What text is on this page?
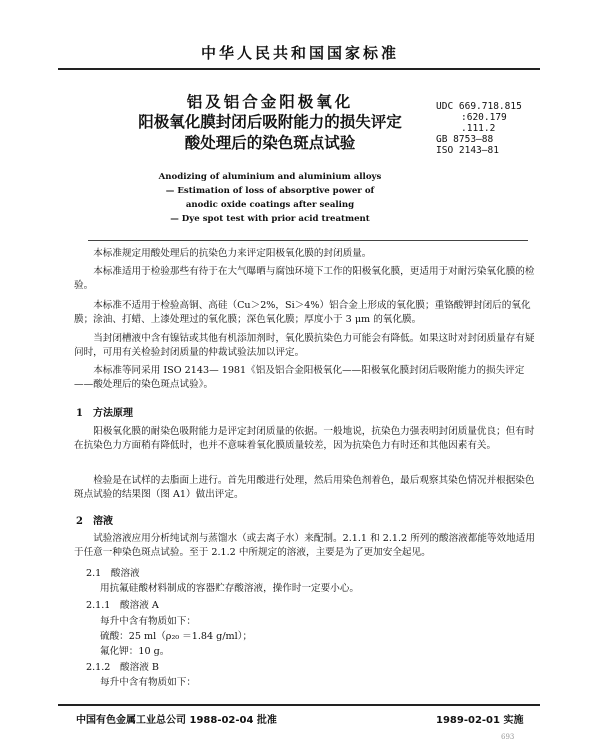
中华人民共和国国家标准
铝及铝合金阳极氧化
阳极氧化膜封闭后吸附能力的损失评定
酸处理后的染色斑点试验
UDC 669.718.815
:620.179
.111.2
GB 8753—88
ISO 2143—81
Anodizing of aluminium and aluminium alloys
— Estimation of loss of absorptive power of
anodic oxide coatings after sealing
— Dye spot test with prior acid treatment
本标准规定用酸处理后的抗染色力来评定阳极氧化膜的封闭质量。
本标准适用于检验那些有待于在大气曝晒与腐蚀环境下工作的阳极氧化膜，更适用于对耐污染氧化膜的检验。
本标准不适用于检验高铜、高硅（Cu＞2%，Si＞4%）铝合金上形成的氧化膜；重铬酸钾封闭后的氧化膜；涂油、打蜡、上漆处理过的氧化膜；深色氧化膜；厚度小于 3 μm 的氧化膜。
当封闭槽液中含有镍钴或其他有机添加剂时，氧化膜抗染色力可能会有降低。如果这时对封闭质量存有疑问时，可用有关检验封闭质量的仲裁试验法加以评定。
本标准等同采用 ISO 2143— 1981《铝及铝合金阳极氧化——阳极氧化膜封闭后吸附能力的损失评定——酸处理后的染色斑点试验》。
1　方法原理
阳极氧化膜的耐染色吸附能力是评定封闭质量的依据。一般地说，抗染色力强表明封闭质量优良；但有时在抗染色力方面稍有降低时，也并不意味着氧化膜质量较差，因为抗染色力有时还和其他因素有关。
检验是在试样的去脂面上进行。首先用酸进行处理，然后用染色剂着色，最后观察其染色情况并根据染色斑点试验的结果图（图 A1）做出评定。
2　溶液
试验溶液应用分析纯试剂与蒸馏水（或去离子水）来配制。2.1.1 和 2.1.2 所列的酸溶液都能等效地适用于任意一种染色斑点试验。至于 2.1.2 中所规定的溶液，主要是为了更加安全起见。
2.1　酸溶液
用抗氟硅酸材料制成的容器贮存酸溶液，操作时一定要小心。
2.1.1　酸溶液 A
每升中含有物质如下：
硫酸：25 ml（ρ₂₀ ＝1.84 g/ml）；
氟化钾：10 g。
2.1.2　酸溶液 B
每升中含有物质如下：
中国有色金属工业总公司 1988-02-04 批准	1989-02-01 实施
693
